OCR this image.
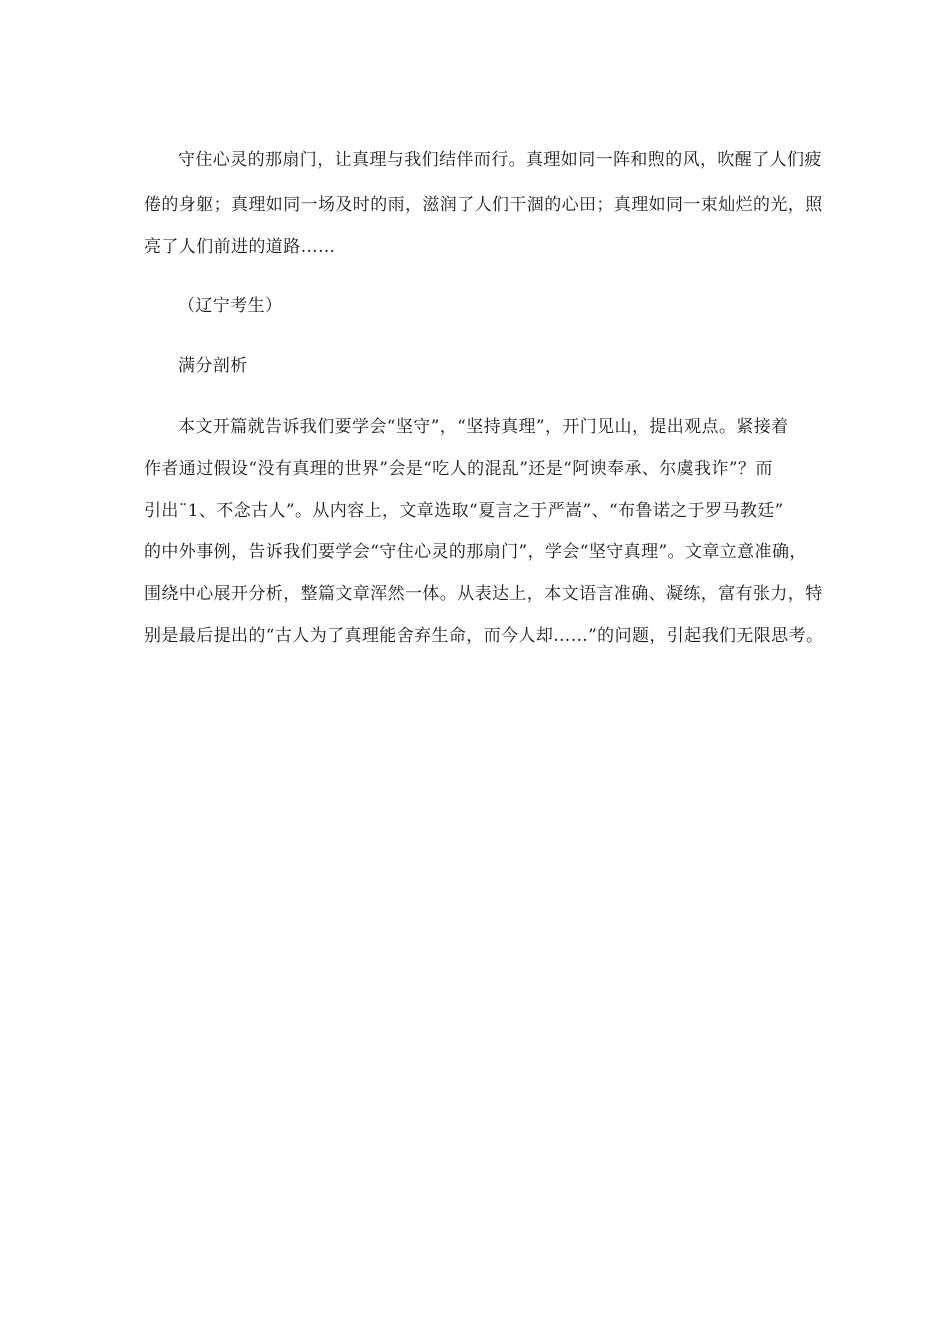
守住心灵的那扇门，让真理与我们结伴而行。真理如同一阵和煦的风，吹醒了人们疲
倦的身躯；真理如同一场及时的雨，滋润了人们干涸的心田；真理如同一束灿烂的光，照
亮了人们前进的道路……
（辽宁考生）
满分剖析
本文开篇就告诉我们要学会“坚守”，“坚持真理”，开门见山，提出观点。紧接着
作者通过假设“没有真理的世界”会是“吃人的混乱”还是“阿谀奉承、尔虞我诈”？而
引出¨1、不念古人”。从内容上，文章选取“夏言之于严嵩”、“布鲁诺之于罗马教廷”
的中外事例，告诉我们要学会“守住心灵的那扇门”，学会“坚守真理”。文章立意准确，
围绕中心展开分析，整篇文章浑然一体。从表达上，本文语言准确、凝练，富有张力，特
别是最后提出的“古人为了真理能舍弃生命，而今人却……”的问题，引起我们无限思考。
